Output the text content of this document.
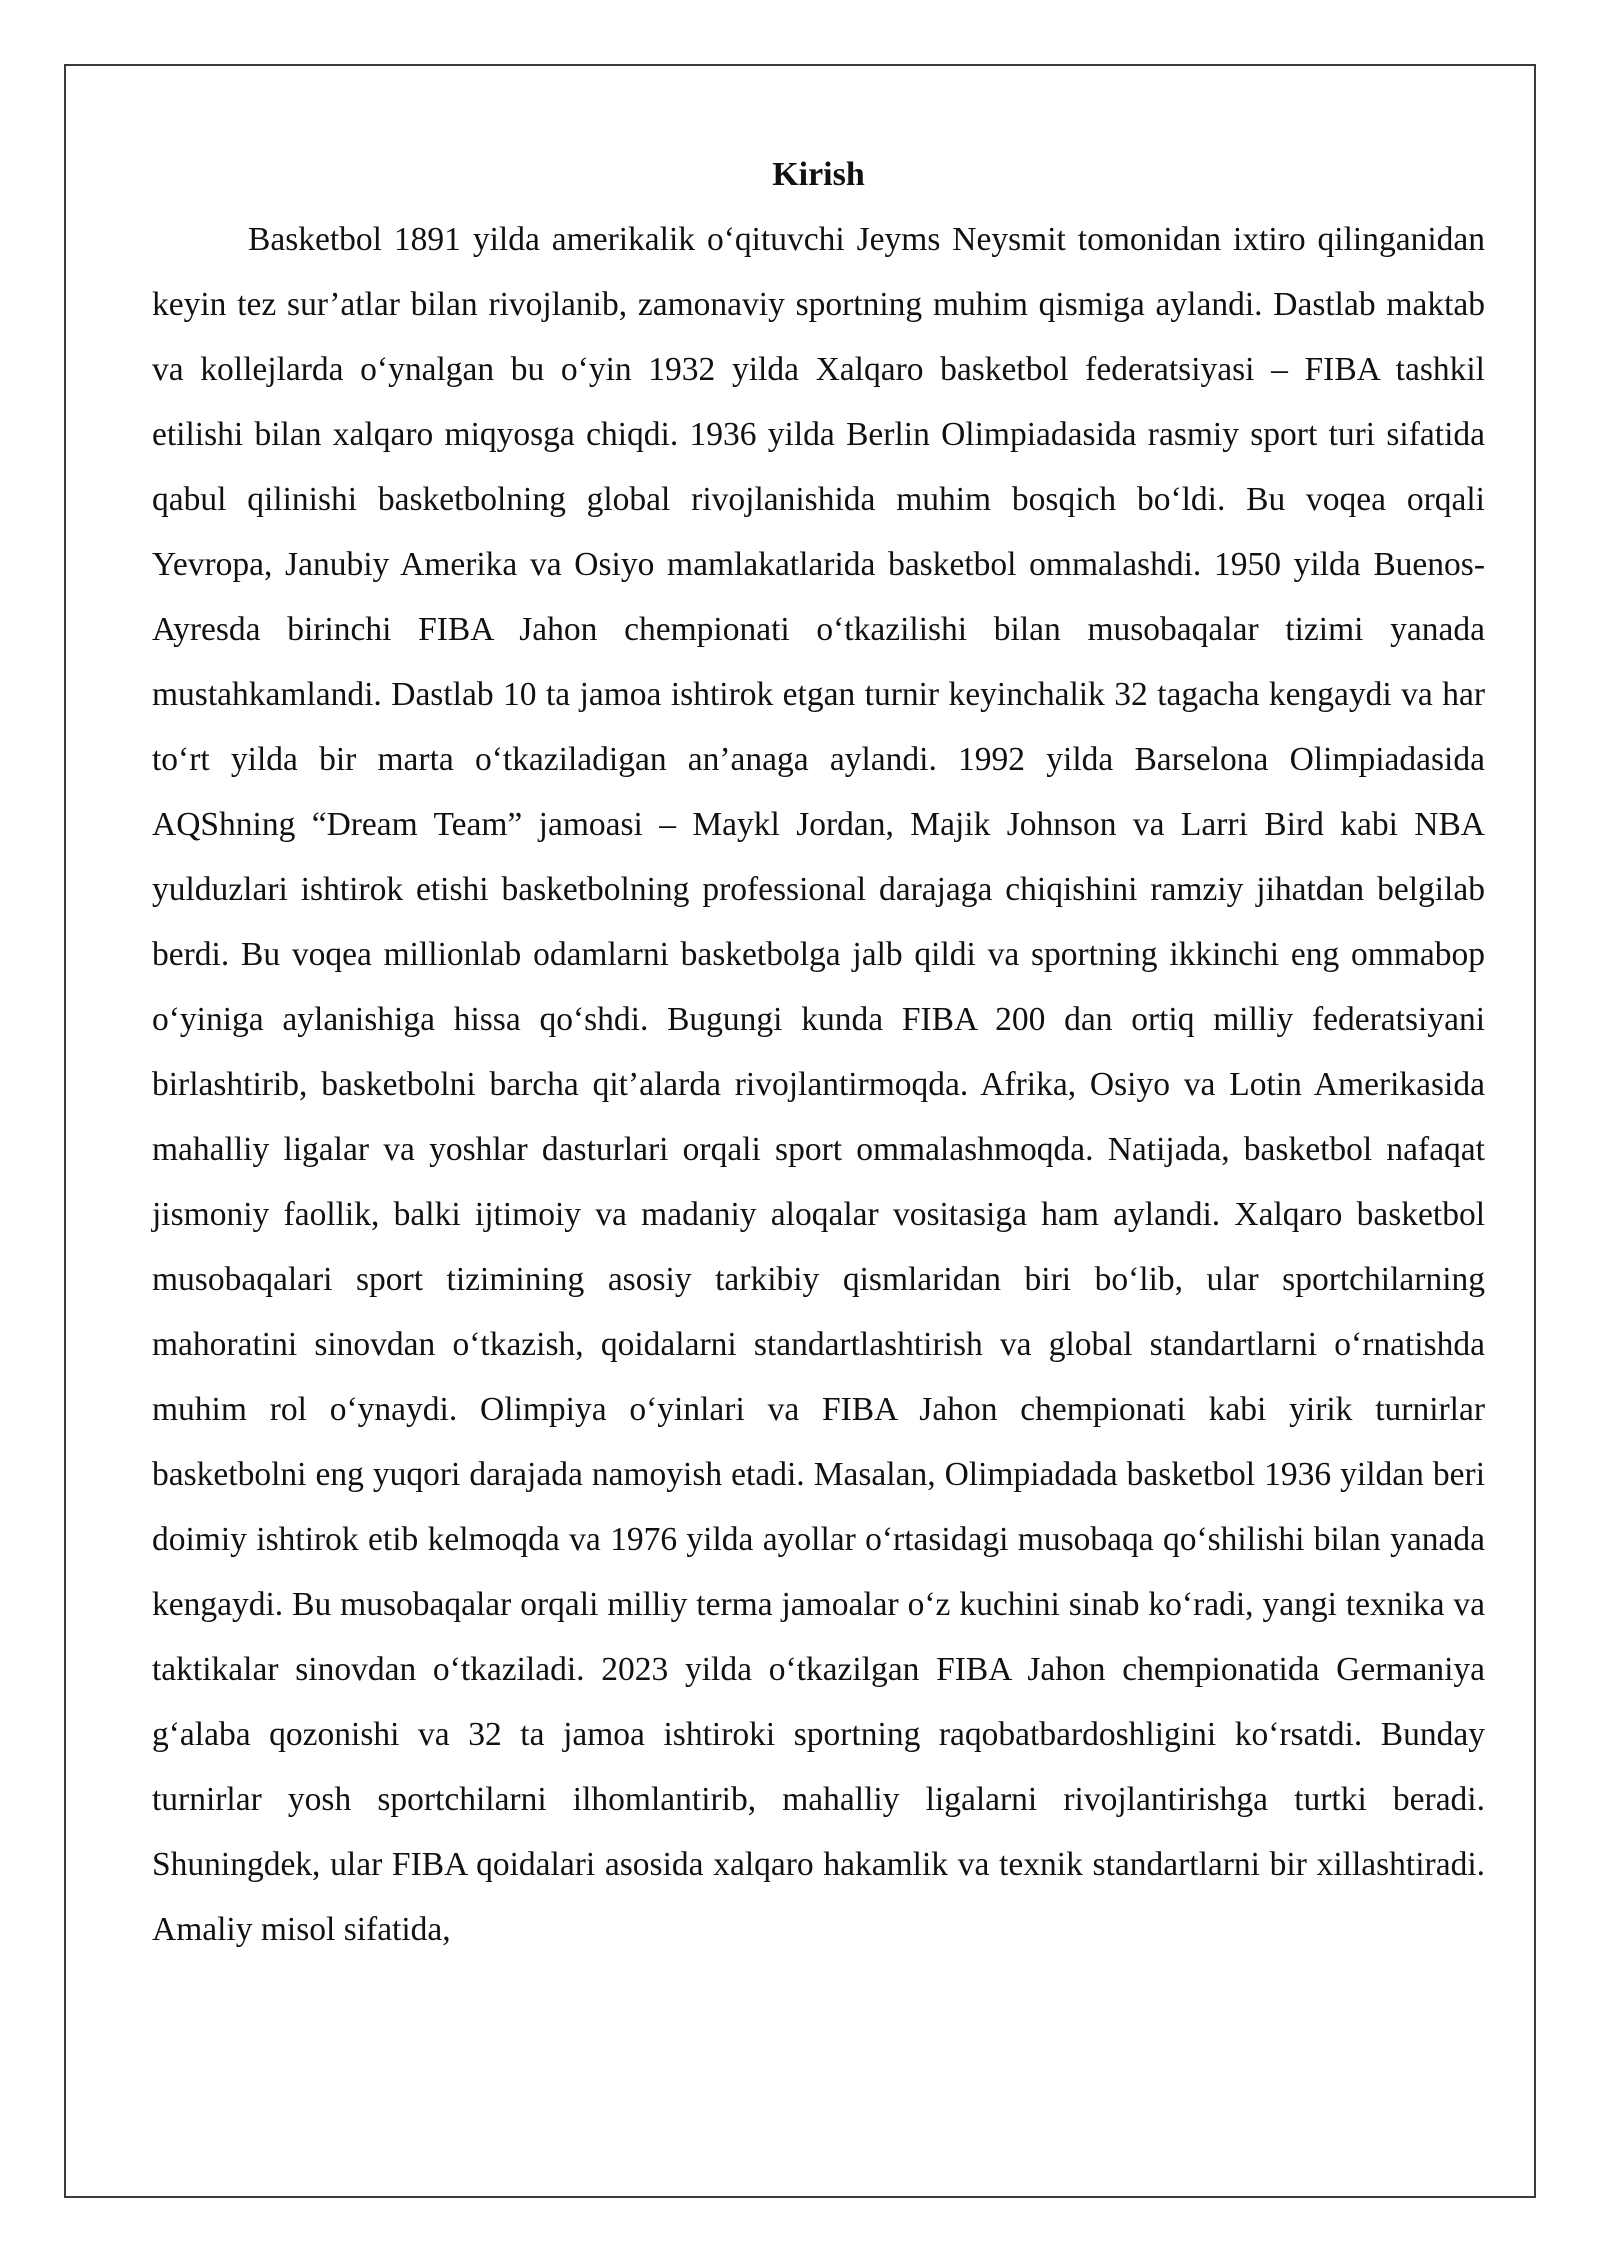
Kirish

Basketbol 1891 yilda amerikalik oʻqituvchi Jeyms Neysmit tomonidan ixtiro qilinganidan keyin tez sur’atlar bilan rivojlanib, zamonaviy sportning muhim qismiga aylandi. Dastlab maktab va kollejlarda oʻynalgan bu oʻyin 1932 yilda Xalqaro basketbol federatsiyasi – FIBA tashkil etilishi bilan xalqaro miqyosga chiqdi. 1936 yilda Berlin Olimpiadasida rasmiy sport turi sifatida qabul qilinishi basketbolning global rivojlanishida muhim bosqich boʻldi. Bu voqea orqali Yevropa, Janubiy Amerika va Osiyo mamlakatlarida basketbol ommalashdi. 1950 yilda Buenos-Ayresda birinchi FIBA Jahon chempionati oʻtkazilishi bilan musobaqalar tizimi yanada mustahkamlandi. Dastlab 10 ta jamoa ishtirok etgan turnir keyinchalik 32 tagacha kengaydi va har toʻrt yilda bir marta oʻtkaziladigan an’anaga aylandi. 1992 yilda Barselona Olimpiadasida AQShning “Dream Team” jamoasi – Maykl Jordan, Majik Johnson va Larri Bird kabi NBA yulduzlari ishtirok etishi basketbolning professional darajaga chiqishini ramziy jihatdan belgilab berdi. Bu voqea millionlab odamlarni basketbolga jalb qildi va sportning ikkinchi eng ommabop oʻyiniga aylanishiga hissa qoʻshdi. Bugungi kunda FIBA 200 dan ortiq milliy federatsiyani birlashtirib, basketbolni barcha qit’alarda rivojlantirmoqda. Afrika, Osiyo va Lotin Amerikasida mahalliy ligalar va yoshlar dasturlari orqali sport ommalashmoqda. Natijada, basketbol nafaqat jismoniy faollik, balki ijtimoiy va madaniy aloqalar vositasiga ham aylandi. Xalqaro basketbol musobaqalari sport tizimining asosiy tarkibiy qismlaridan biri boʻlib, ular sportchilarning mahoratini sinovdan oʻtkazish, qoidalarni standartlashtirish va global standartlarni oʻrnatishda muhim rol oʻynaydi. Olimpiya oʻyinlari va FIBA Jahon chempionati kabi yirik turnirlar basketbolni eng yuqori darajada namoyish etadi. Masalan, Olimpiadada basketbol 1936 yildan beri doimiy ishtirok etib kelmoqda va 1976 yilda ayollar oʻrtasidagi musobaqa qoʻshilishi bilan yanada kengaydi. Bu musobaqalar orqali milliy terma jamoalar oʻz kuchini sinab koʻradi, yangi texnika va taktikalar sinovdan oʻtkaziladi. 2023 yilda oʻtkazilgan FIBA Jahon chempionatida Germaniya gʻalaba qozonishi va 32 ta jamoa ishtiroki sportning raqobatbardoshligini koʻrsatdi. Bunday turnirlar yosh sportchilarni ilhomlantirib, mahalliy ligalarni rivojlantirishga turtki beradi. Shuningdek, ular FIBA qoidalari asosida xalqaro hakamlik va texnik standartlarni bir xillashtiradi. Amaliy misol sifatida,
